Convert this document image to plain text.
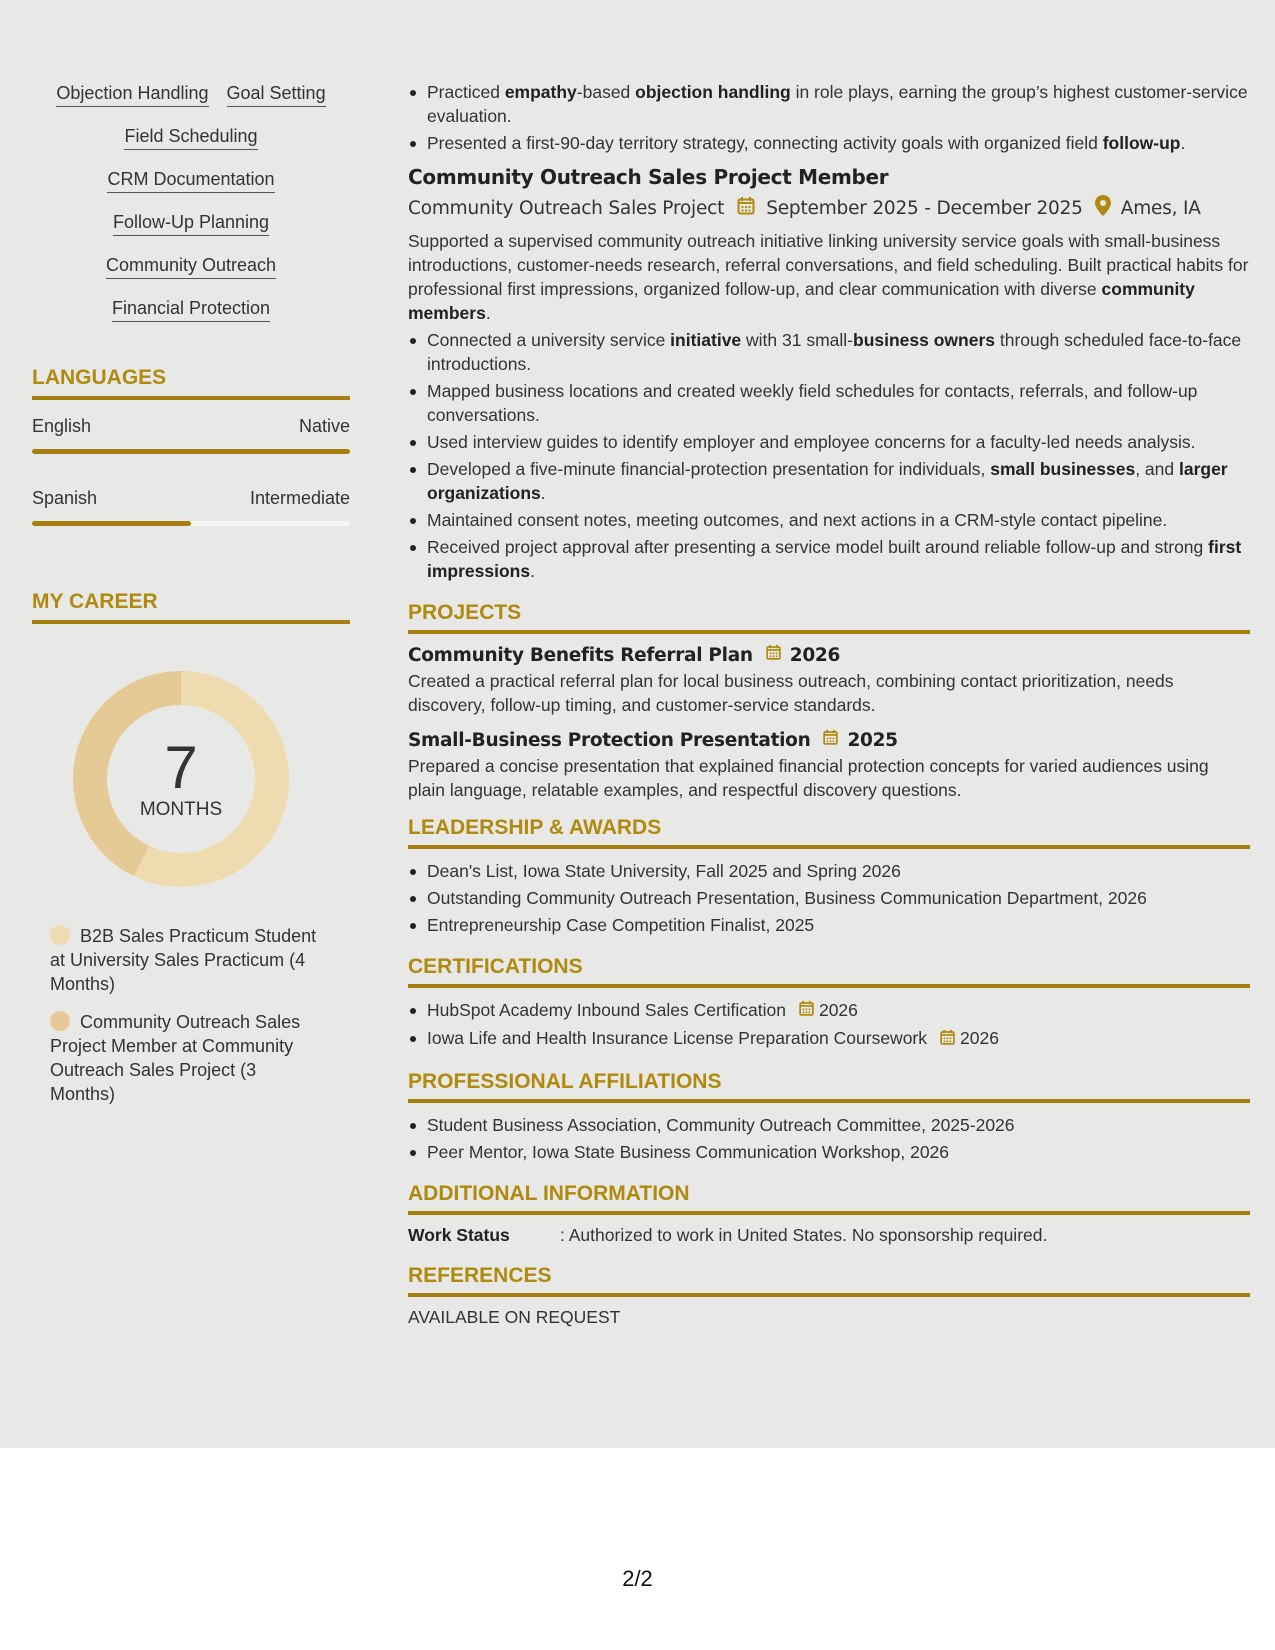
Objection Handling Goal Setting
Field Scheduling
CRM Documentation
Follow-Up Planning
Community Outreach
Financial Protection
LANGUAGES
English	Native
Spanish	Intermediate
MY CAREER
7
MONTHS
B2B Sales Practicum Student at University Sales Practicum (4 Months)
Community Outreach Sales Project Member at Community Outreach Sales Project (3 Months)
Practiced empathy-based objection handling in role plays, earning the group’s highest customer-service evaluation.
Presented a first-90-day territory strategy, connecting activity goals with organized field follow-up.
Community Outreach Sales Project Member
Community Outreach Sales Project September 2025 - December 2025 Ames, IA
Supported a supervised community outreach initiative linking university service goals with small-business introductions, customer-needs research, referral conversations, and field scheduling. Built practical habits for professional first impressions, organized follow-up, and clear communication with diverse community members.
Connected a university service initiative with 31 small-business owners through scheduled face-to-face introductions.
Mapped business locations and created weekly field schedules for contacts, referrals, and follow-up conversations.
Used interview guides to identify employer and employee concerns for a faculty-led needs analysis.
Developed a five-minute financial-protection presentation for individuals, small businesses, and larger organizations.
Maintained consent notes, meeting outcomes, and next actions in a CRM-style contact pipeline.
Received project approval after presenting a service model built around reliable follow-up and strong first impressions.
PROJECTS
Community Benefits Referral Plan 2026
Created a practical referral plan for local business outreach, combining contact prioritization, needs discovery, follow-up timing, and customer-service standards.
Small-Business Protection Presentation 2025
Prepared a concise presentation that explained financial protection concepts for varied audiences using plain language, relatable examples, and respectful discovery questions.
LEADERSHIP & AWARDS
Dean's List, Iowa State University, Fall 2025 and Spring 2026
Outstanding Community Outreach Presentation, Business Communication Department, 2026
Entrepreneurship Case Competition Finalist, 2025
CERTIFICATIONS
HubSpot Academy Inbound Sales Certification 2026
Iowa Life and Health Insurance License Preparation Coursework 2026
PROFESSIONAL AFFILIATIONS
Student Business Association, Community Outreach Committee, 2025-2026
Peer Mentor, Iowa State Business Communication Workshop, 2026
ADDITIONAL INFORMATION
Work Status	: Authorized to work in United States. No sponsorship required.
REFERENCES
AVAILABLE ON REQUEST
2/2
